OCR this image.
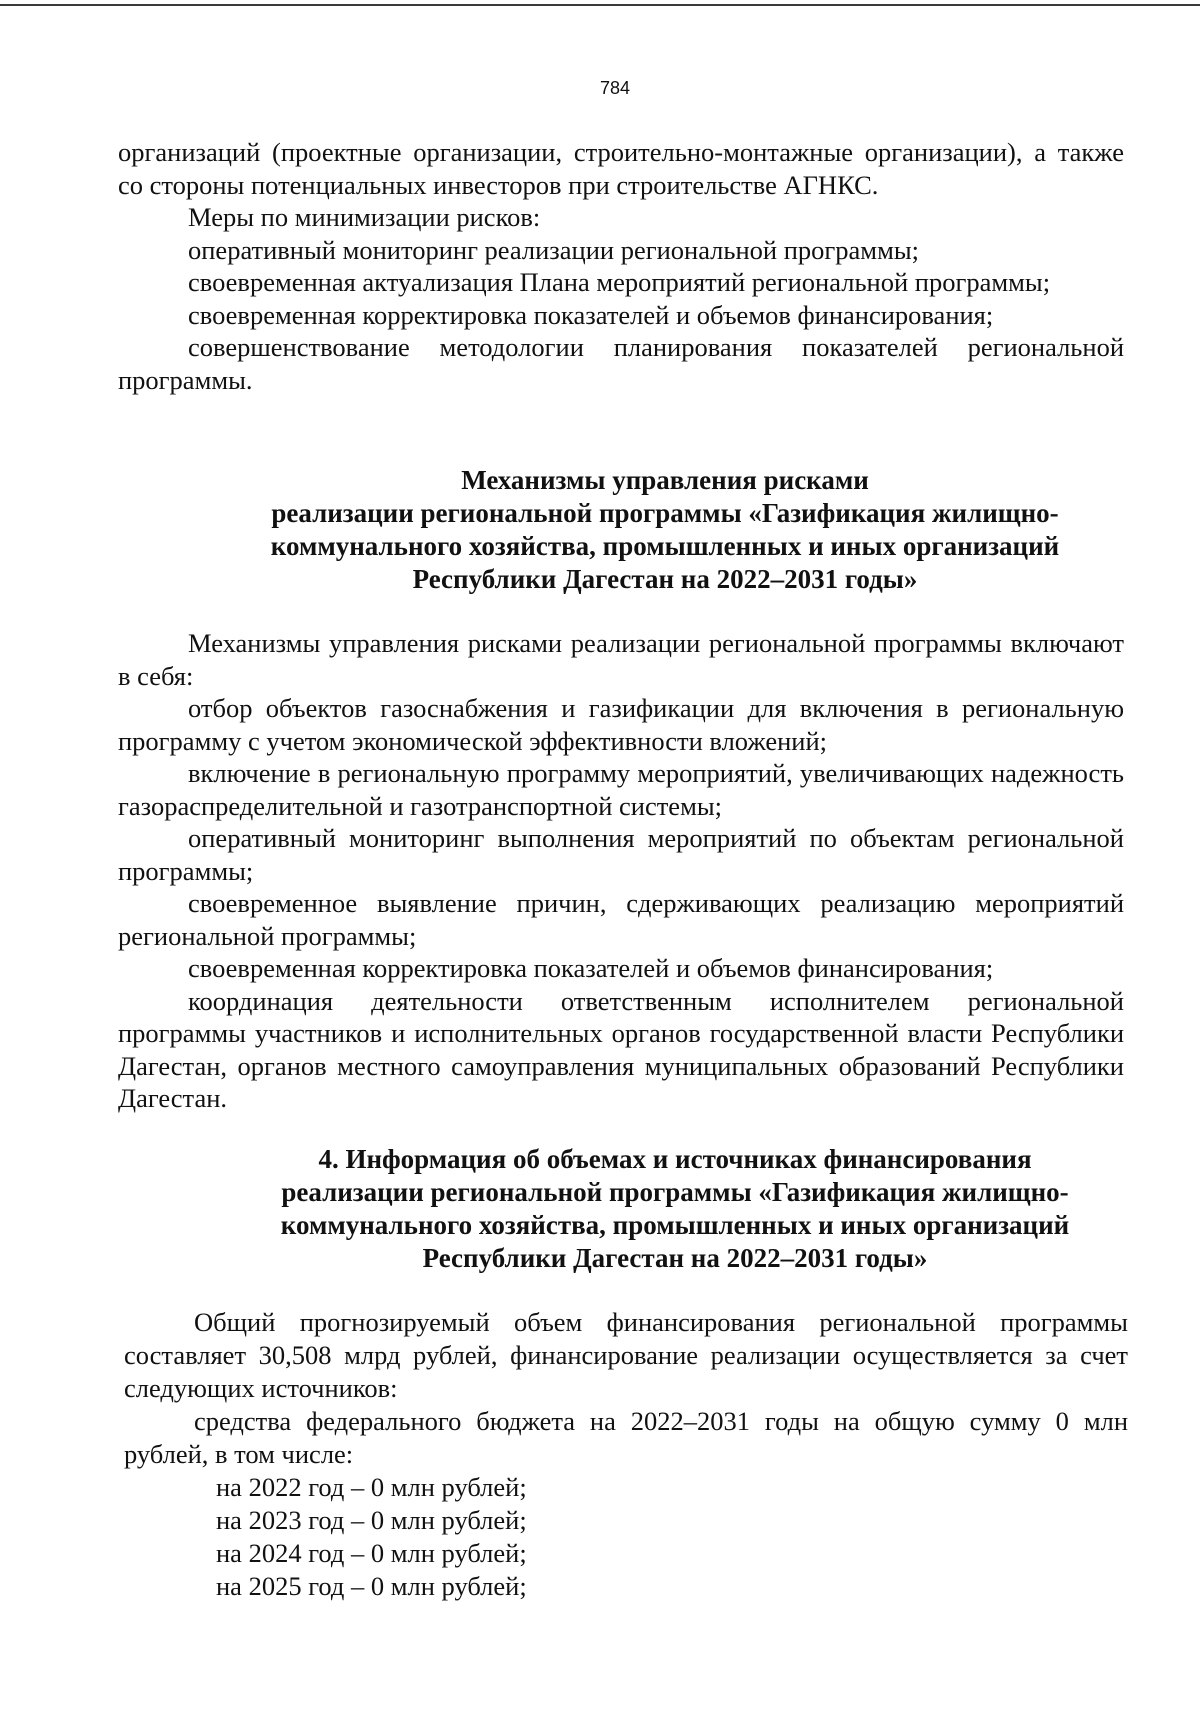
784

организаций (проектные организации, строительно-монтажные организации), а также со стороны потенциальных инвесторов при строительстве АГНКС.

Меры по минимизации рисков:

оперативный мониторинг реализации региональной программы;

своевременная актуализация Плана мероприятий региональной программы;

своевременная корректировка показателей и объемов финансирования;

совершенствование методологии планирования показателей региональной программы.

Механизмы управления рисками

реализации региональной программы «Газификация жилищно-

коммунального хозяйства, промышленных и иных организаций

Республики Дагестан на 2022–2031 годы»

Механизмы управления рисками реализации региональной программы включают в себя:

отбор объектов газоснабжения и газификации для включения в региональную программу с учетом экономической эффективности вложений;

включение в региональную программу мероприятий, увеличивающих надежность газораспределительной и газотранспортной системы;

оперативный мониторинг выполнения мероприятий по объектам региональной программы;

своевременное выявление причин, сдерживающих реализацию мероприятий региональной программы;

своевременная корректировка показателей и объемов финансирования;

координация деятельности ответственным исполнителем региональной программы участников и исполнительных органов государственной власти Республики Дагестан, органов местного самоуправления муниципальных образований Республики Дагестан.

4. Информация об объемах и источниках финансирования

реализации региональной программы «Газификация жилищно-

коммунального хозяйства, промышленных и иных организаций

Республики Дагестан на 2022–2031 годы»

Общий прогнозируемый объем финансирования региональной программы составляет 30,508 млрд рублей, финансирование реализации осуществляется за счет следующих источников:

средства федерального бюджета на 2022–2031 годы на общую сумму 0 млн рублей, в том числе:

на 2022 год – 0 млн рублей;

на 2023 год – 0 млн рублей;

на 2024 год – 0 млн рублей;

на 2025 год – 0 млн рублей;
